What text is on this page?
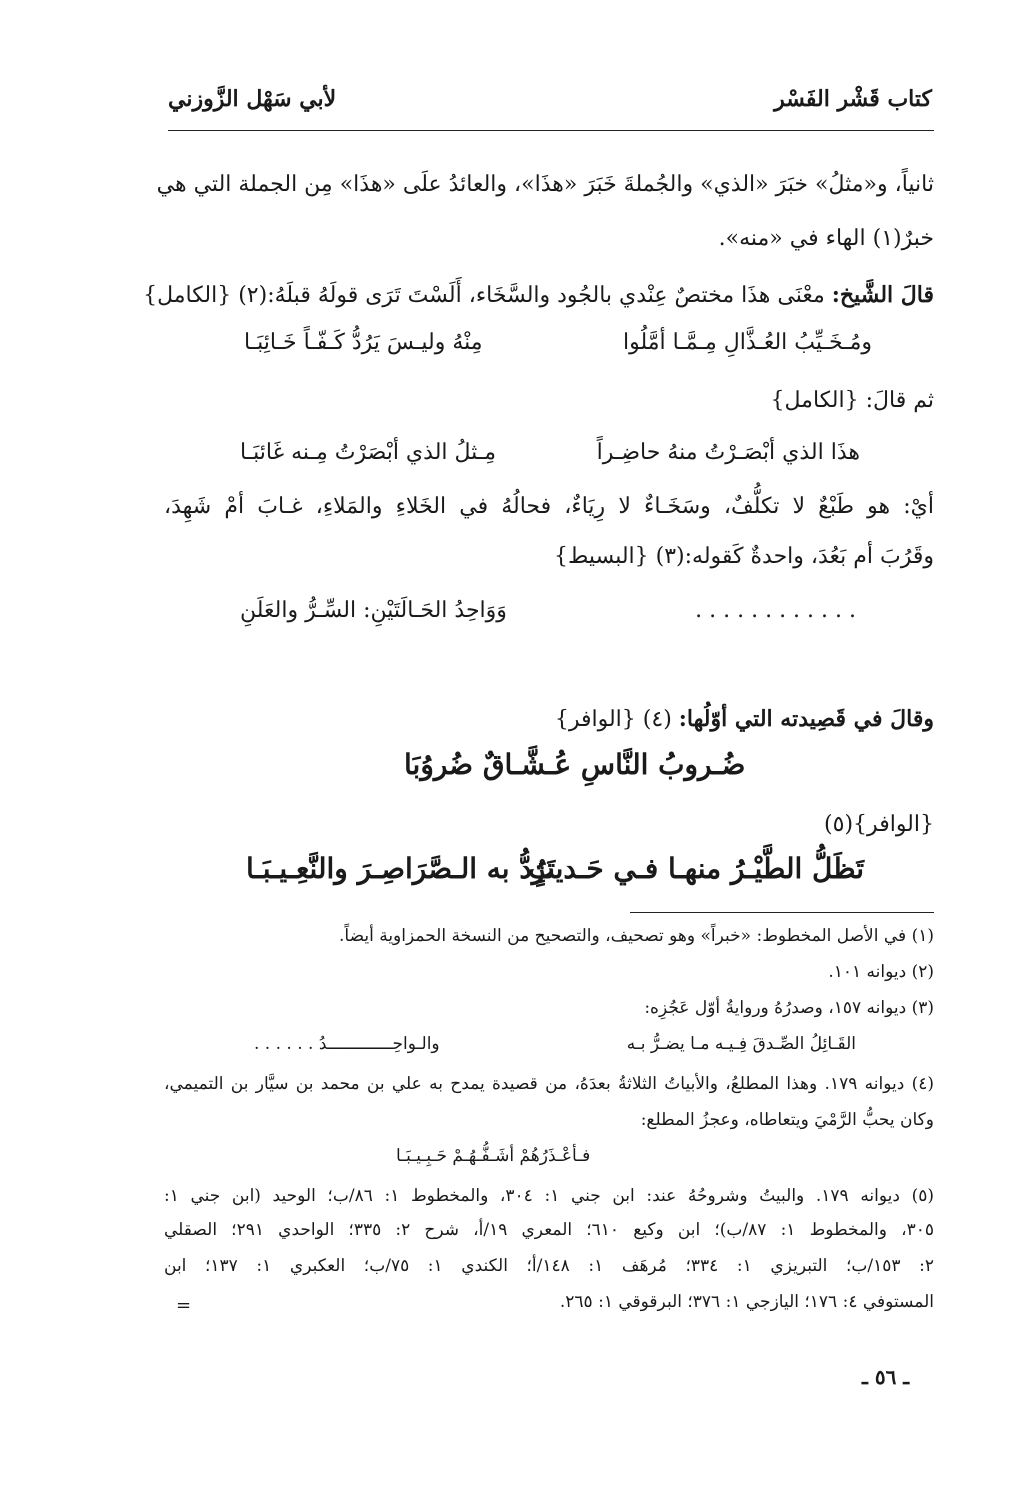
كتاب قَشْر الفَسْر
لأبي سَهْل الزَّوزني
ثانياً، و«مثلُ» خبَرَ «الذي» والجُملةَ خَبَرَ «هذَا»، والعائدُ علَى «هذَا» مِن الجملة التي هي
خبرٌ(١) الهاء في «منه».
قالَ الشَّيخ: معْنَى هذَا مختصٌ عِنْدي بالجُود والسَّخَاء، أَلَسْتَ تَرَى قولَهُ قبلَهُ:(٢) {الكامل}
ومُـخَـيِّبُ العُـذَّالِ مِـمَّـا أمَّلُوا
مِنْهُ وليـسَ يَرُدُّ كَـفّـاً خَـائِبَـا
ثم قالَ: {الكامل}
هذَا الذي أبْصَـرْتُ منهُ حاضِـراً
مِـثلُ الذي أبْصَرْتُ مِـنه غَائبَـا
أيْ: هو طَبْعٌ لا تكلُّفٌ، وسَخَـاءٌ لا رِيَاءٌ، فحالُهُ في الخَلاءِ والمَلاءِ، غـابَ أمْ شَهِدَ،
وقَرُبَ أم بَعُدَ، واحدةٌ كَقوله:(٣) {البسيط}
. . . . . . . . . . . .
وَوَاحِدُ الحَـالَتَيْنِ: السِّـرُّ والعَلَنِ
وقالَ في قَصِيدته التي أوّلُها: (٤) {الوافر}
ضُـروبُ النَّاسِ عُـشَّـاقٌ ضُروُبَا
{الوافر}(٥)
تَظَلُّ الطَّيْـرُ منهـا فـي حَـديثٍ
تَرُدُّ به الـصَّرَاصِـرَ والنَّعِـيـبَـا
(١) في الأصل المخطوط: «خبراً» وهو تصحيف، والتصحيح من النسخة الحمزاوية أيضاً.
(٢) ديوانه ١٠١.
(٣) ديوانه ١٥٧، وصدرُهُ وروايةُ أوّل عَجُزِه:
القَـائِلُ الصِّـدقَ فِـيـه مـا يضـرُّ بـه
والـواحِـــــــــــــدُ . . . . . .
(٤) ديوانه ١٧٩. وهذا المطلعُ، والأبياتُ الثلاثةُ بعدَهُ، من قصيدة يمدح به علي بن محمد بن سيَّار بن التميمي،
وكان يحبُّ الرَّمْيَ ويتعاطاه، وعجزُ المطلع:
فـأعْـذَرُهُمْ أشَـفُّـهُـمْ حَـبِـيـبَـا
(٥) ديوانه ١٧٩. والبيتُ وشروحُهُ عند: ابن جني ١: ٣٠٤، والمخطوط ١: ٨٦/ب؛ الوحيد (ابن جني ١:
٣٠٥، والمخطوط ١: ٨٧/ب)؛ ابن وكيع ٦١٠؛ المعري ١٩/أ، شرح ٢: ٣٣٥؛ الواحدي ٢٩١؛ الصقلي
٢: ١٥٣/ب؛ التبريزي ١: ٣٣٤؛ مُرهَف ١: ١٤٨/أ؛ الكندي ١: ٧٥/ب؛ العكبري ١: ١٣٧؛ ابن
المستوفي ٤: ١٧٦؛ اليازجي ١: ٣٧٦؛ البرقوقي ١: ٢٦٥.
=
ـ ٥٦ ـ
